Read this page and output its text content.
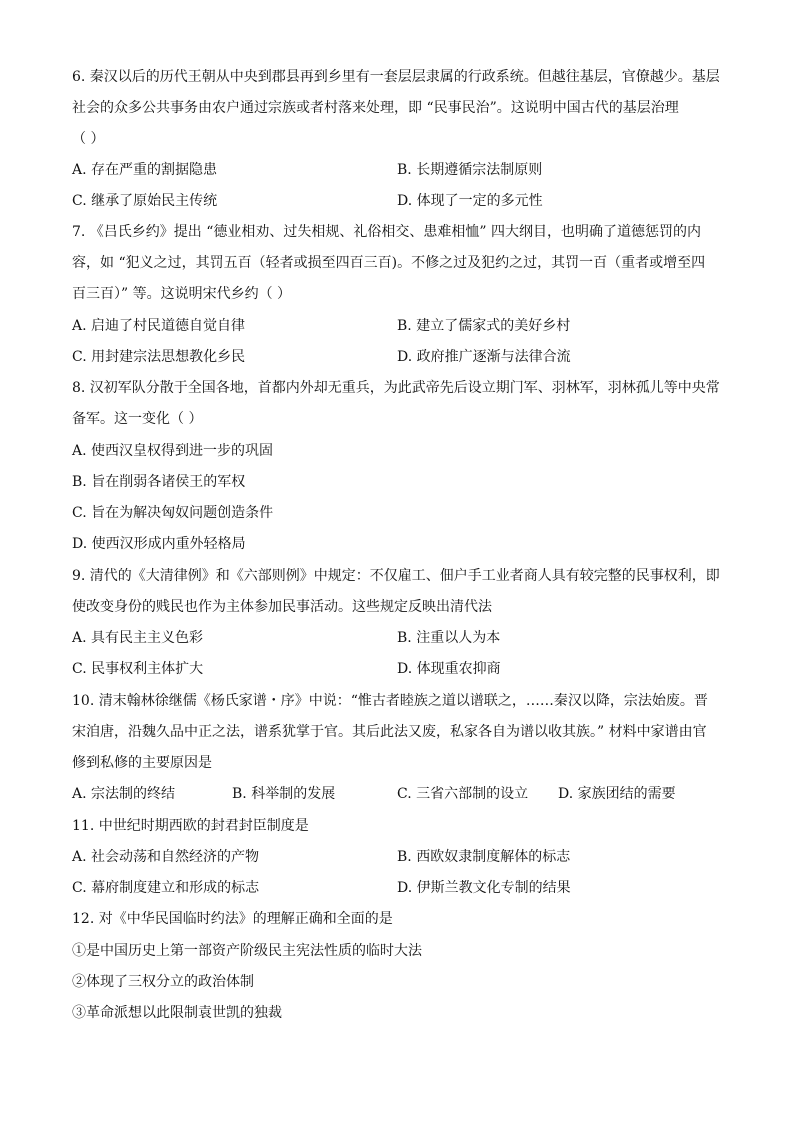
6. 秦汉以后的历代王朝从中央到郡县再到乡里有一套层层隶属的行政系统。但越往基层，官僚越少。基层
社会的众多公共事务由农户通过宗族或者村落来处理，即 “民事民治”。这说明中国古代的基层治理
（ ）
A. 存在严重的割据隐患	B. 长期遵循宗法制原则
C. 继承了原始民主传统	D. 体现了一定的多元性
7. 《吕氏乡约》提出 “德业相劝、过失相规、礼俗相交、患难相恤” 四大纲目，也明确了道德惩罚的内
容，如 “犯义之过，其罚五百（轻者或损至四百三百)。不修之过及犯约之过，其罚一百（重者或增至四
百三百）” 等。这说明宋代乡约（ ）
A. 启迪了村民道德自觉自律	B. 建立了儒家式的美好乡村
C. 用封建宗法思想教化乡民	D. 政府推广逐渐与法律合流
8. 汉初军队分散于全国各地，首都内外却无重兵，为此武帝先后设立期门军、羽林军，羽林孤儿等中央常
备军。这一变化（ ）
A. 使西汉皇权得到进一步的巩固
B. 旨在削弱各诸侯王的军权
C. 旨在为解决匈奴问题创造条件
D. 使西汉形成内重外轻格局
9. 清代的《大清律例》和《六部则例》中规定：不仅雇工、佃户手工业者商人具有较完整的民事权利，即
使改变身份的贱民也作为主体参加民事活动。这些规定反映出清代法
A. 具有民主主义色彩	B. 注重以人为本
C. 民事权利主体扩大	D. 体现重农抑商
10. 清末翰林徐继儒《杨氏家谱・序》中说：“惟古者睦族之道以谱联之，……秦汉以降，宗法始废。晋
宋洎唐，沿魏久品中正之法，谱系犹掌于官。其后此法又废，私家各自为谱以收其族。” 材料中家谱由官
修到私修的主要原因是
A. 宗法制的终结	B. 科举制的发展	C. 三省六部制的设立 D. 家族团结的需要
11. 中世纪时期西欧的封君封臣制度是
A. 社会动荡和自然经济的产物	B. 西欧奴隶制度解体的标志
C. 幕府制度建立和形成的标志	D. 伊斯兰教文化专制的结果
12. 对《中华民国临时约法》的理解正确和全面的是
①是中国历史上第一部资产阶级民主宪法性质的临时大法
②体现了三权分立的政治体制
③革命派想以此限制袁世凯的独裁
